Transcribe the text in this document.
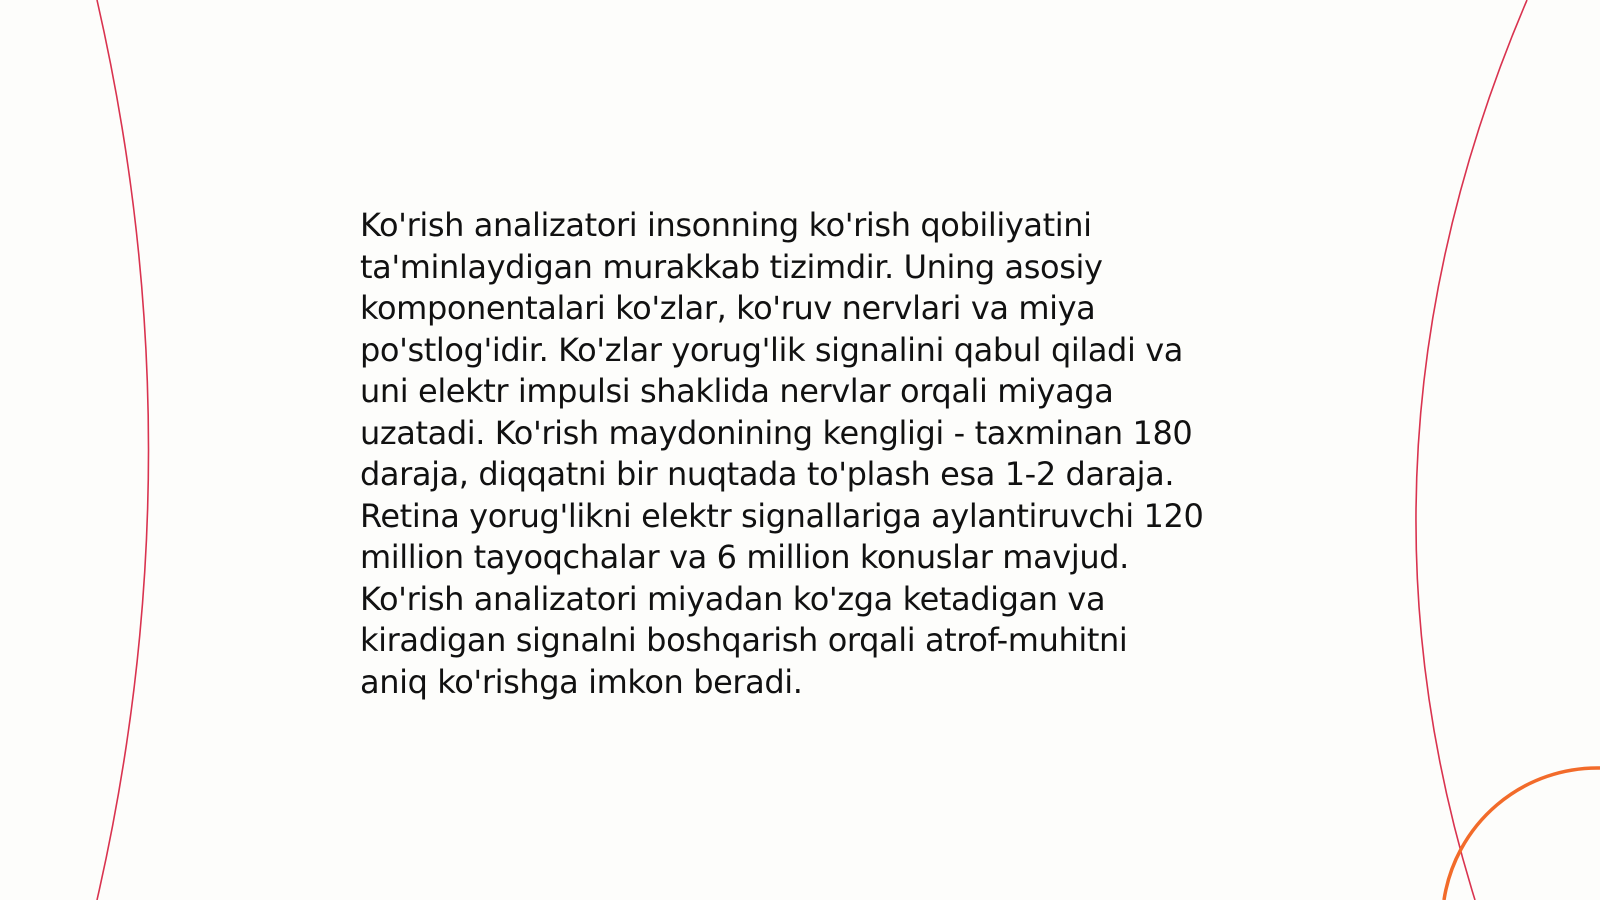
Ko'rish analizatori insonning ko'rish qobiliyatini
ta'minlaydigan murakkab tizimdir. Uning asosiy
komponentalari ko'zlar, ko'ruv nervlari va miya
po'stlog'idir. Ko'zlar yorug'lik signalini qabul qiladi va
uni elektr impulsi shaklida nervlar orqali miyaga
uzatadi. Ko'rish maydonining kengligi - taxminan 180
daraja, diqqatni bir nuqtada to'plash esa 1-2 daraja.
Retina yorug'likni elektr signallariga aylantiruvchi 120
million tayoqchalar va 6 million konuslar mavjud.
Ko'rish analizatori miyadan ko'zga ketadigan va
kiradigan signalni boshqarish orqali atrof-muhitni
aniq ko'rishga imkon beradi.
